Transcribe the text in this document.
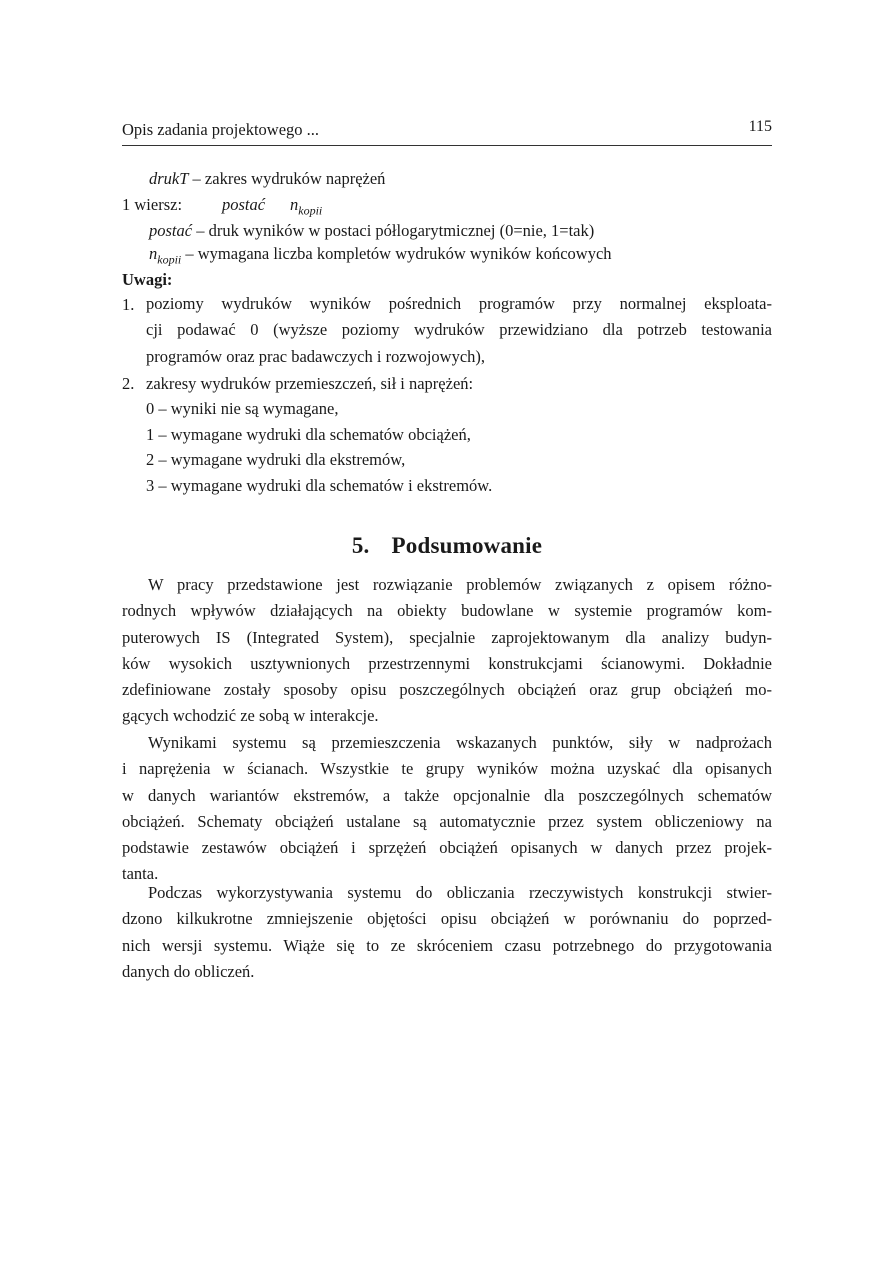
Opis zadania projektowego ...	115
drukT – zakres wydruków naprężeń
1 wiersz: postać $n_{kopii}$
postać – druk wyników w postaci półlogarytmicznej (0=nie, 1=tak)
$n_{kopii}$ – wymagana liczba kompletów wydruków wyników końcowych
Uwagi:
1. poziomy wydruków wyników pośrednich programów przy normalnej eksploata-
cji podawać 0 (wyższe poziomy wydruków przewidziano dla potrzeb testowania
programów oraz prac badawczych i rozwojowych),
2. zakresy wydruków przemieszczeń, sił i naprężeń:
0 – wyniki nie są wymagane,
1 – wymagane wydruki dla schematów obciążeń,
2 – wymagane wydruki dla ekstremów,
3 – wymagane wydruki dla schematów i ekstremów.
5. Podsumowanie
W pracy przedstawione jest rozwiązanie problemów związanych z opisem różno-
rodnych wpływów działających na obiekty budowlane w systemie programów kom-
puterowych IS (Integrated System), specjalnie zaprojektowanym dla analizy budyn-
ków wysokich usztywnionych przestrzennymi konstrukcjami ścianowymi. Dokładnie
zdefiniowane zostały sposoby opisu poszczególnych obciążeń oraz grup obciążeń mo-
gących wchodzić ze sobą w interakcje.
Wynikami systemu są przemieszczenia wskazanych punktów, siły w nadprożach
i naprężenia w ścianach. Wszystkie te grupy wyników można uzyskać dla opisanych
w danych wariantów ekstremów, a także opcjonalnie dla poszczególnych schematów
obciążeń. Schematy obciążeń ustalane są automatycznie przez system obliczeniowy na
podstawie zestawów obciążeń i sprzężeń obciążeń opisanych w danych przez projek-
tanta.
Podczas wykorzystywania systemu do obliczania rzeczywistych konstrukcji stwier-
dzono kilkukrotne zmniejszenie objętości opisu obciążeń w porównaniu do poprzed-
nich wersji systemu. Wiąże się to ze skróceniem czasu potrzebnego do przygotowania
danych do obliczeń.
